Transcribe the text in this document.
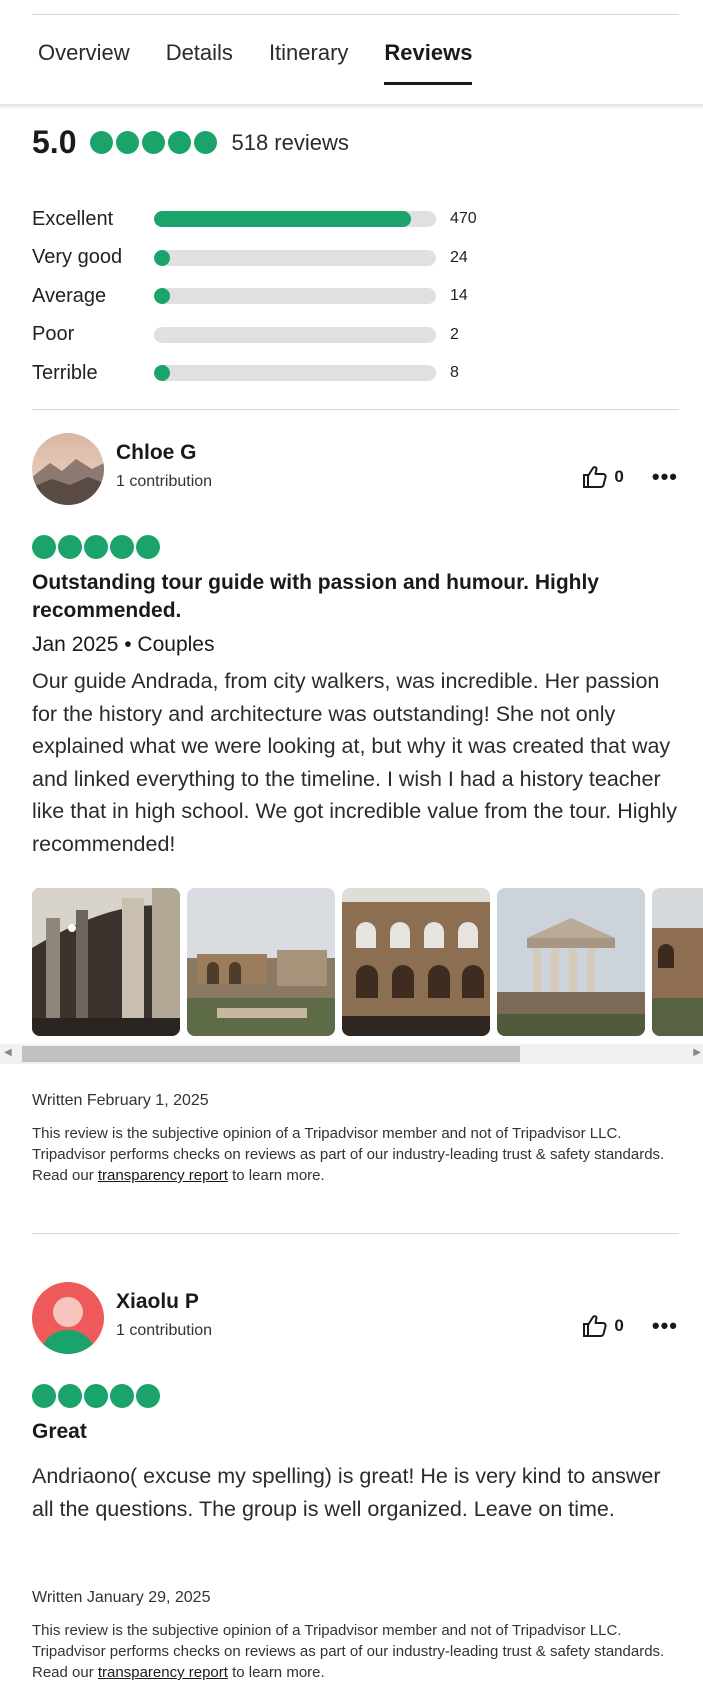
Overview Details Itinerary Reviews
5.0	518 reviews
Excellent	470
Very good	24
Average	14
Poor	2
Terrible	8
Chloe G
1 contribution	0 •••
Outstanding tour guide with passion and humour. Highly recommended.
Jan 2025 • Couples
Our guide Andrada, from city walkers, was incredible. Her passion for the history and architecture was outstanding! She not only explained what we were looking at, but why it was created that way and linked everything to the timeline. I wish I had a history teacher like that in high school. We got incredible value from the tour. Highly recommended!
◀	▶
Written February 1, 2025
This review is the subjective opinion of a Tripadvisor member and not of Tripadvisor LLC. Tripadvisor performs checks on reviews as part of our industry-leading trust & safety standards. Read our transparency report to learn more.
Xiaolu P
1 contribution	0 •••
Great
Andriaono( excuse my spelling) is great! He is very kind to answer all the questions. The group is well organized. Leave on time.
Written January 29, 2025
This review is the subjective opinion of a Tripadvisor member and not of Tripadvisor LLC. Tripadvisor performs checks on reviews as part of our industry-leading trust & safety standards. Read our transparency report to learn more.
